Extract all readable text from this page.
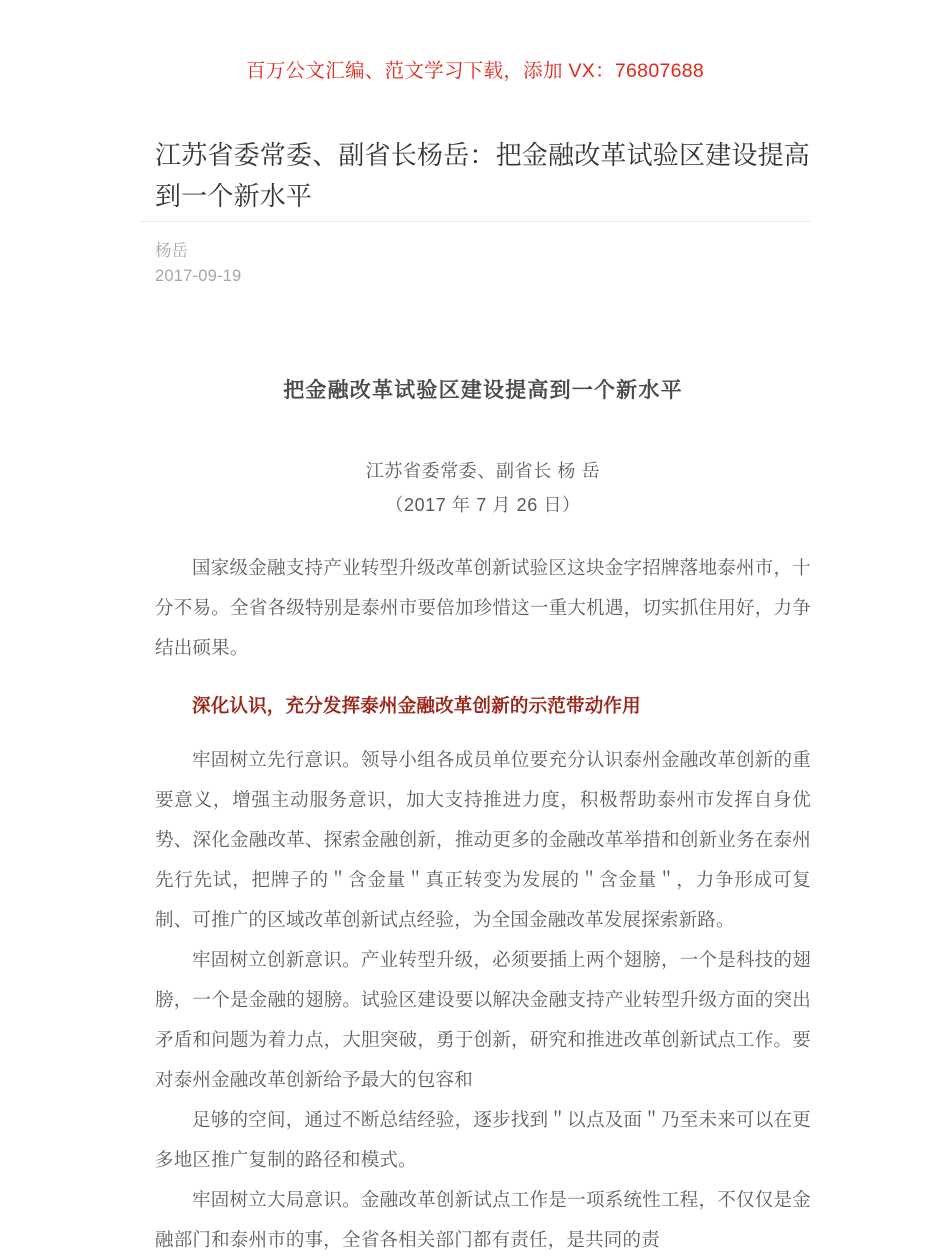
百万公文汇编、范文学习下载，添加 VX：76807688
江苏省委常委、副省长杨岳：把金融改革试验区建设提高到一个新水平
杨岳
2017-09-19
把金融改革试验区建设提高到一个新水平
江苏省委常委、副省长 杨 岳
（2017 年 7 月 26 日）

国家级金融支持产业转型升级改革创新试验区这块金字招牌落地泰州市，十分不易。全省各级特别是泰州市要倍加珍惜这一重大机遇，切实抓住用好，力争结出硕果。

深化认识，充分发挥泰州金融改革创新的示范带动作用

牢固树立先行意识。领导小组各成员单位要充分认识泰州金融改革创新的重要意义，增强主动服务意识，加大支持推进力度，积极帮助泰州市发挥自身优势、深化金融改革、探索金融创新，推动更多的金融改革举措和创新业务在泰州先行先试，把牌子的＂含金量＂真正转变为发展的＂含金量＂，力争形成可复制、可推广的区域改革创新试点经验，为全国金融改革发展探索新路。

牢固树立创新意识。产业转型升级，必须要插上两个翅膀，一个是科技的翅膀，一个是金融的翅膀。试验区建设要以解决金融支持产业转型升级方面的突出矛盾和问题为着力点，大胆突破，勇于创新，研究和推进改革创新试点工作。要对泰州金融改革创新给予最大的包容和

足够的空间，通过不断总结经验，逐步找到＂以点及面＂乃至未来可以在更多地区推广复制的路径和模式。

牢固树立大局意识。金融改革创新试点工作是一项系统性工程，不仅仅是金融部门和泰州市的事，全省各相关部门都有责任，是共同的责
